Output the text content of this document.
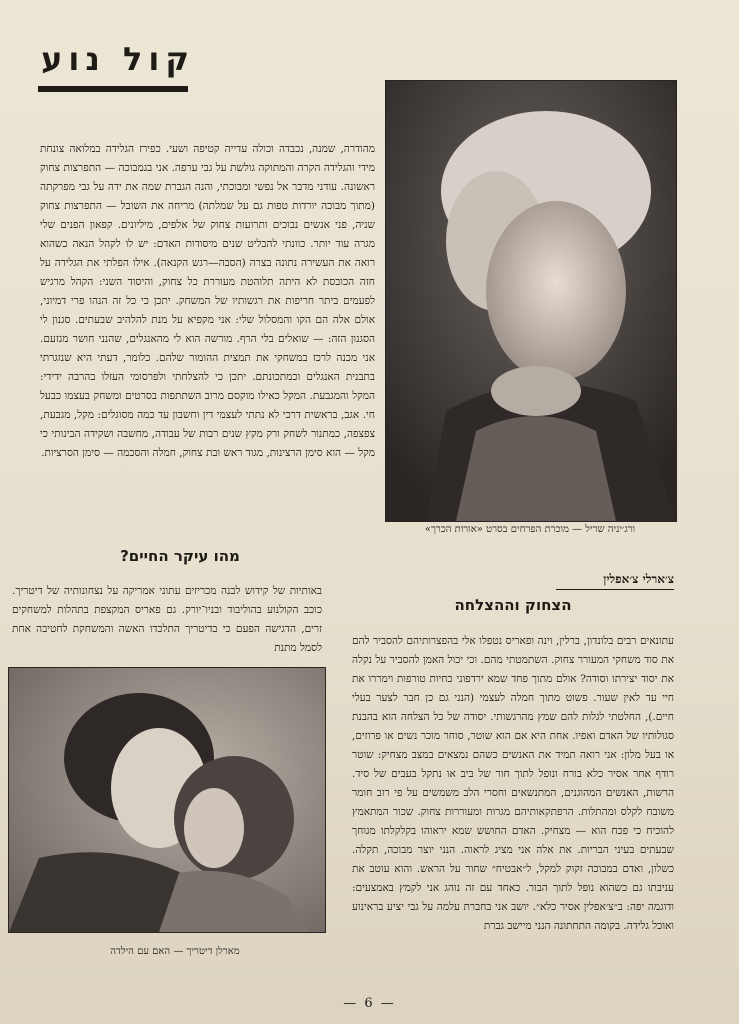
קול נוע
מהודרה, שמנה, נכבדה וכולה עדייה קטיפה ושעי. כפירז הגלידה במלואה צונחת מידי והגלידה הקרה והמתוקה גולשת על גבי ערפה. אני בגמבוכה — התפרצות צחוק ראשונה. עודני מדבר אל נפשי ומבוכתי, והנה הגברת שמה את ידה על גבי מפרקתה (מתוך מבוכה יורדות טפות גם על שמלתה) מריחה את השובל — התפרצות צחוק שניה, פני אנשים נבוכים ותרועות צחוק של אלפים, מיליונים. קפאון הפנים שלי מגרה עוד יותר. כוונתי להבליט שנים מיסודות האדם: יש לו לקהל הנאה כשהוא רואה את העשירה נתונה בצרה (הסבה—רגש הקנאה). אילו הפלתי את הגלידה על חזה הכובסת לא היתה תלוהטת מעוררת כל צחוק, והיסוד השני: הקהל מרגיש לפעמים ביתר חריפות את רגשותיו של המשחק. יתכן כי כל זה הנהו פרי דמיוני, אולם אלה הם הקו והמסלול שלי: אני מקפיא על מנת להלהיב שבעתים. סגנון לי הסגנון הזה: — שואלים בלי הרף. מורשה הוא לי מהאנגלים, שהנני חושר מגזעם. אני מכנה לרכז במשחקי את תמצית ההומור שלהם. כלומר, דעתי היא שנזגרתי בתבנית האנגלים וכמתכונתם. יתכן כי להצלחתי ולפרסומי העזלו בהרבה ידידי: המקל והמגבעת. המקל כאילו מוקסם מרוב השתתפות בסרטים ומשחק בעצמו כבעל חי. אגב, בראשית דרכי לא נתתי לעצמי דין וחשבון עד כמה מסוגלים: מקל, מגבעת, צפצפה, כמתנור לשחק ורק מקץ שנים רבות של עבודה, מחשבה ושקידה הבינותי כי מקל — הוא סימן הרצינות, מגוד ראש ובת צחוק, חמלה והסכמה — סימן הסרציות.
ורג׳יניה שריל — מוכרת הפרחים בסרט «אורות הכרך»
מהו עיקר החיים?
באותיות של קידוש לבנה מכריזים עתוני אמריקה על נצחונותיה של דיטריך. כוכב הקולנוע בהוליבוד ובניו־יורק. גם פאריס המקצפת בתהלות למשחקים זרים, הדגישה הפעם כי בדיטריך התלכדו האשה והמשחקת לחטיבה אחת לסמל מתנת
מארלן דיטריך — האם עם הילדה
צ׳ארלי צ׳אפלין
הצחוק וההצלחה
עתונאים רבים בלונדון, ברלין, וינה ופאריס נטפלו אלי בהפצרותיהם להסביר להם את סוד משחקי המעורר צחוק. השתמטתי מהם. וכי יכול האמן להסביר על נקלה את יסוד יצירתו וסודה? אולם מתוך פחד שמא ירדפוני כחיות טורפות וימררו את חיי עד לאין שעור. פשוט מתוך חמלה לעצמי (הנני גם כן חבר לצער בעלי חיים.), החלטתי לגלות להם שמץ מהרגשותי. יסודה של כל הצלחה הוא בהבנת סגולותיו של האדם ואפיו. אחת היא אם הוא שוטר, סוחר מוכר נשים או פרוזים, או בעל מלון: אני רואה תמיד את האנשים כשהם נמצאים במצב מצחיק: שוטר רודף אחר אסיר כלא בורח ונופל לתוך חור של ביב או נתקל בעבים של סיד. הרשות, האנשים המהוגנים, המתנשאים וחסרי הלב משמשים על פי רוב חומר משובח לקלס ומהתלות. הרפתקאותיהם מגרות ומעוררות צחוק. שכור המתאמץ להוכיח כי פכח הוא — מצחיק. האדם החושש שמא יראוהו בקלקלתו מגוחך שבעתים בעיני הבריות. את אלה אני מציג לראוה. הנני יוצר מבוכה, תקלה. כשלון, ואדם במבוכה זקוק למקל, ל״אבטיח״ שחור על הראש. והוא עוטב את עניבתו גם כשהוא נופל לתוך הבור. כאחד עם זה נוהג אני לקמץ באמצעים: ודוגמה יפה: ב״צ׳אפלין אסיר כלא״. יושב אני בחברת עלמה על גבי יציע בראינוע ואוכל גלידה. בקומה התחתונה הנני מיישב גברת
— 6 —
